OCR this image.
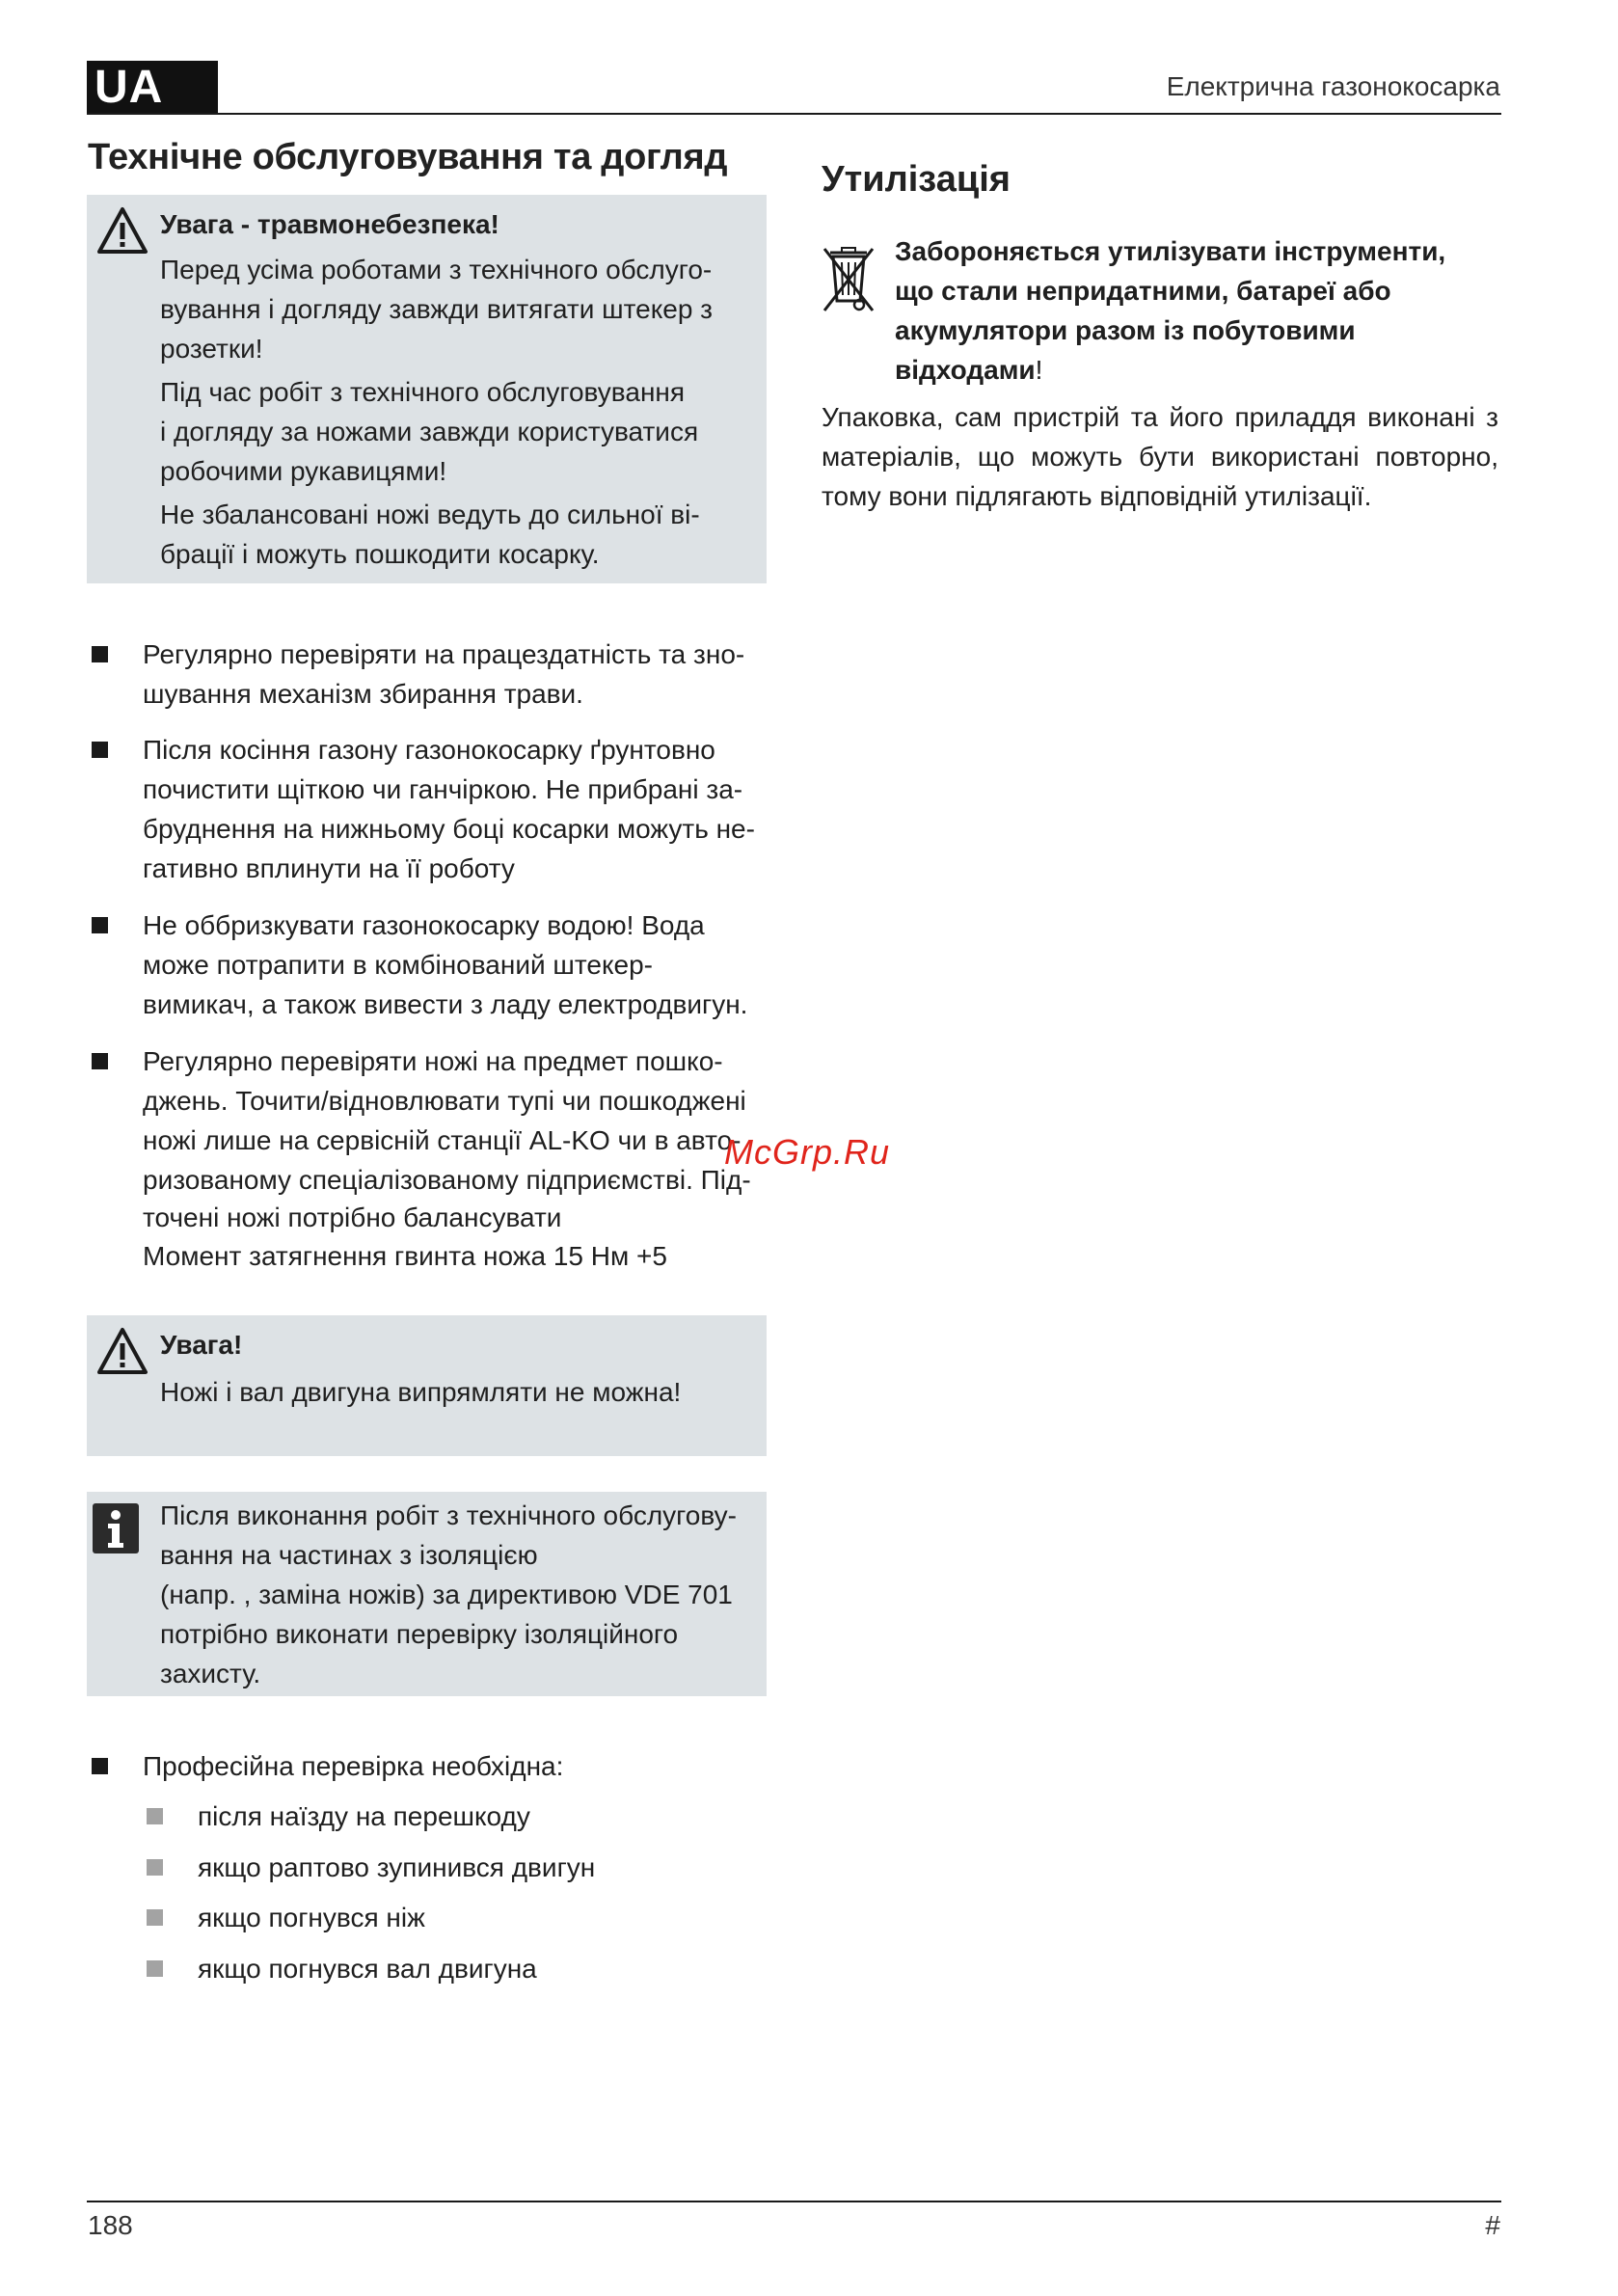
UA	Електрична газонокосарка
Технічне обслуговування та догляд
Увага - травмонебезпека!
Перед усіма роботами з технічного обслуго-
вування і догляду завжди витягати штекер з
розетки!
Під час робіт з технічного обслуговування
і догляду за ножами завжди користуватися
робочими рукавицями!
Не збалансовані ножі ведуть до сильної ві-
брації і можуть пошкодити косарку.
Регулярно перевіряти на працездатність та зно-
шування механізм збирання трави.
Після косіння газону газонокосарку ґрунтовно
почистити щіткою чи ганчіркою. Не прибрані за-
бруднення на нижньому боці косарки можуть не-
гативно вплинути на її роботу
Не оббризкувати газонокосарку водою! Вода
може потрапити в комбінований штекер-
вимикач, а також вивести з ладу електродвигун.
Регулярно перевіряти ножі на предмет пошко-
джень. Точити/відновлювати тупі чи пошкоджені
ножі лише на сервісній станції AL-KO чи в авто-
ризованому спеціалізованому підприємстві. Під-
точені ножі потрібно балансувати
Момент затягнення гвинта ножа 15 Нм +5
Увага!
Ножі і вал двигуна випрямляти не можна!
Після виконання робіт з технічного обслугову-
вання на частинах з ізоляцією
(напр. , заміна ножів) за директивою VDE 701
потрібно виконати перевірку ізоляційного
захисту.
Професійна перевірка необхідна:
після наїзду на перешкоду
якщо раптово зупинився двигун
якщо погнувся ніж
якщо погнувся вал двигуна
Утилізація
Забороняється утилізувати інструменти,
що стали непридатними, батареї або
акумулятори разом із побутовими
відходами!
Упаковка, сам пристрій та його приладдя виконані з матеріалів, що можуть бути використані повторно, тому вони підлягають відповідній утилізації.
McGrp.Ru
188	#
